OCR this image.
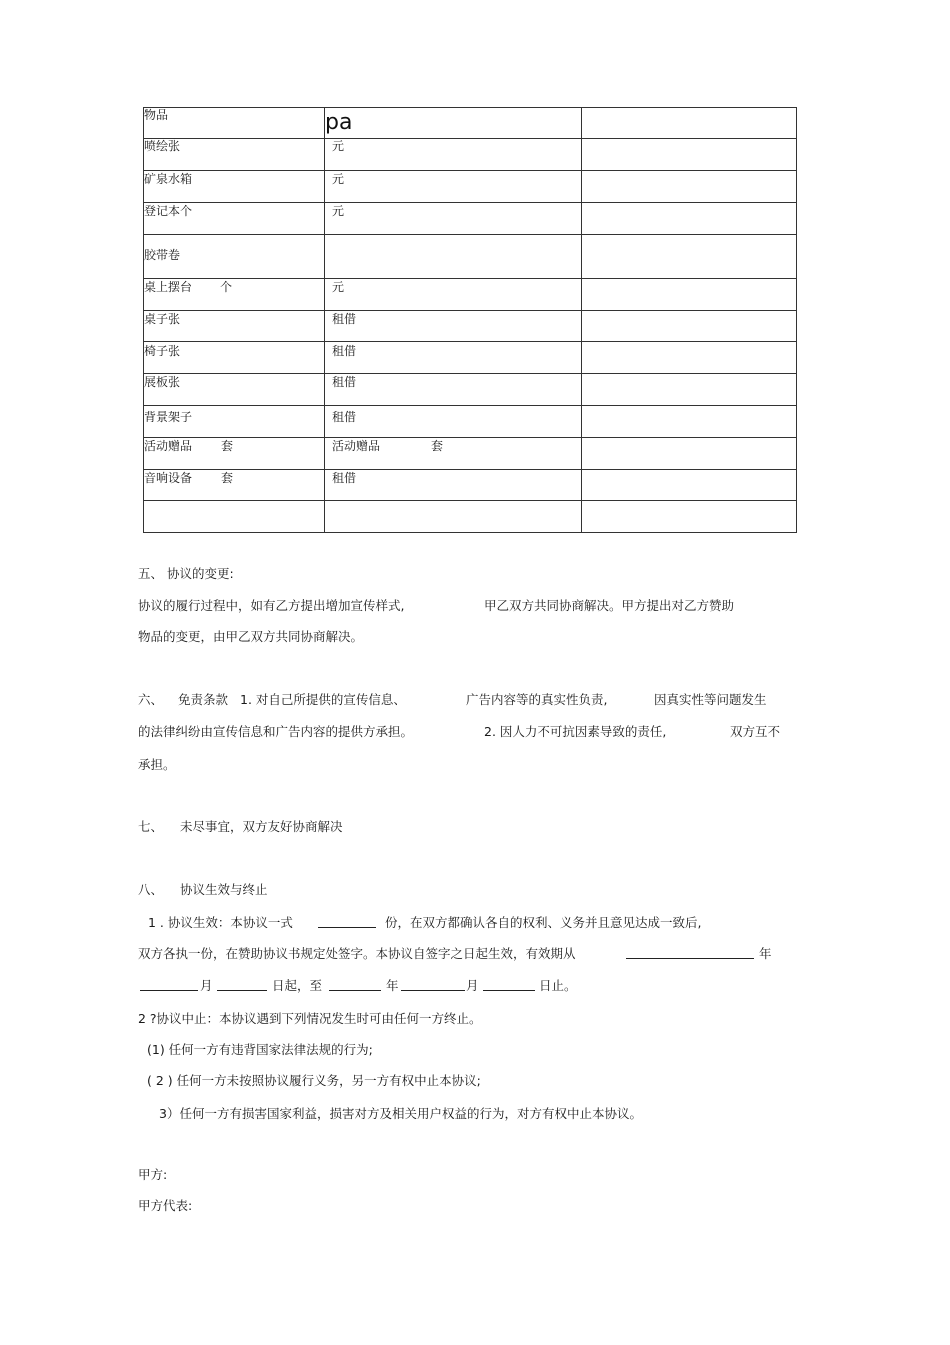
物品	pa	

喷绘张	元	

矿泉水箱	元	

登记本个	元	

胶带卷		

桌上摆台 个	元	

桌子张	租借	

椅子张	租借	

展板张	租借	

背景架子	租借	

活动赠品 套	活动赠品 套	

音响设备 套	租借	

五、 协议的变更:
协议的履行过程中，如有乙方提出增加宣传样式,	甲乙双方共同协商解决。甲方提出对乙方赞助
物品的变更，由甲乙双方共同协商解决。
六、 免责条款 1. 对自己所提供的宣传信息、	广告内容等的真实性负责,	因真实性等问题发生
的法律纠纷由宣传信息和广告内容的提供方承担。	2. 因人力不可抗因素导致的责任,	双方互不
承担。
七、 未尽事宜，双方友好协商解决
八、 协议生效与终止
1 . 协议生效：本协议一式	份，在双方都确认各自的权利、义务并且意见达成一致后,
双方各执一份，在赞助协议书规定处签字。本协议自签字之日起生效，有效期从	年
月	日起，至	年	月	日止。
2 ?协议中止：本协议遇到下列情况发生时可由任何一方终止。
(1) 任何一方有违背国家法律法规的行为;
( 2 ) 任何一方未按照协议履行义务，另一方有权中止本协议;
3）任何一方有损害国家利益，损害对方及相关用户权益的行为，对方有权中止本协议。
甲方:
甲方代表:
